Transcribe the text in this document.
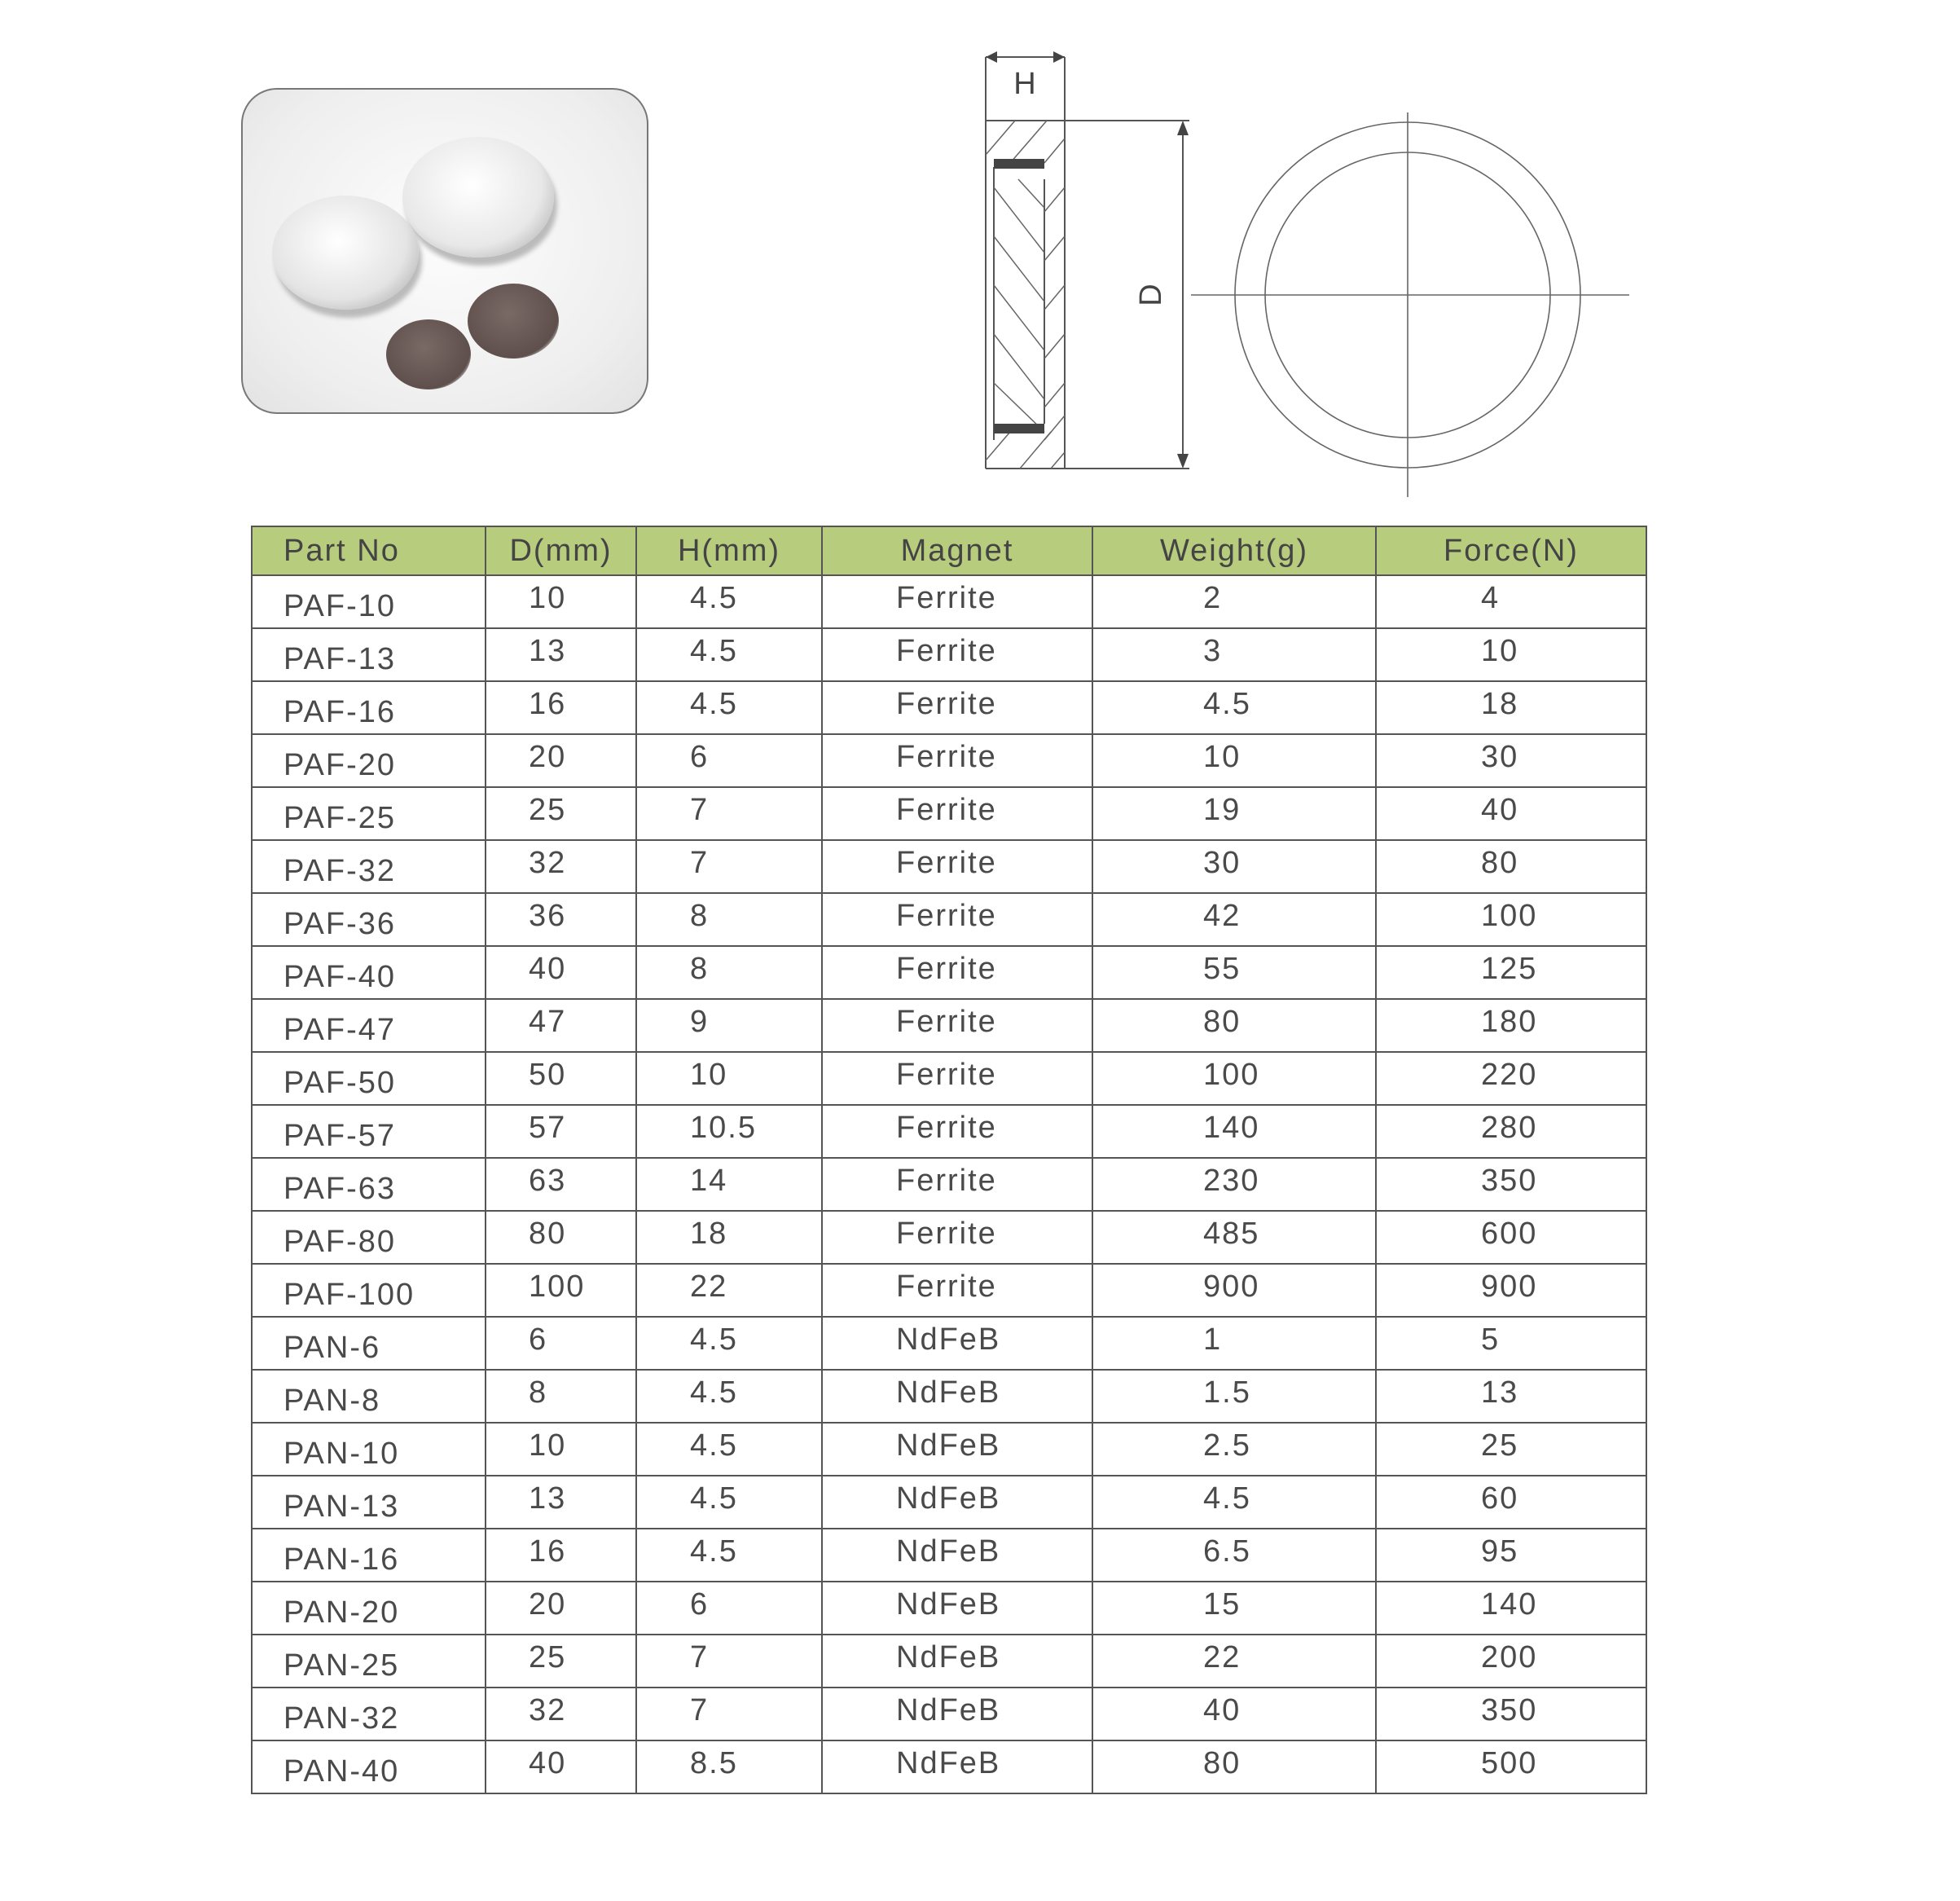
H
D
Part No	D(mm)	H(mm)	Magnet	Weight(g)	Force(N)
PAF-10	10	4.5	Ferrite	2	4
PAF-13	13	4.5	Ferrite	3	10
PAF-16	16	4.5	Ferrite	4.5	18
PAF-20	20	6	Ferrite	10	30
PAF-25	25	7	Ferrite	19	40
PAF-32	32	7	Ferrite	30	80
PAF-36	36	8	Ferrite	42	100
PAF-40	40	8	Ferrite	55	125
PAF-47	47	9	Ferrite	80	180
PAF-50	50	10	Ferrite	100	220
PAF-57	57	10.5	Ferrite	140	280
PAF-63	63	14	Ferrite	230	350
PAF-80	80	18	Ferrite	485	600
PAF-100	100	22	Ferrite	900	900
PAN-6	6	4.5	NdFeB	1	5
PAN-8	8	4.5	NdFeB	1.5	13
PAN-10	10	4.5	NdFeB	2.5	25
PAN-13	13	4.5	NdFeB	4.5	60
PAN-16	16	4.5	NdFeB	6.5	95
PAN-20	20	6	NdFeB	15	140
PAN-25	25	7	NdFeB	22	200
PAN-32	32	7	NdFeB	40	350
PAN-40	40	8.5	NdFeB	80	500
